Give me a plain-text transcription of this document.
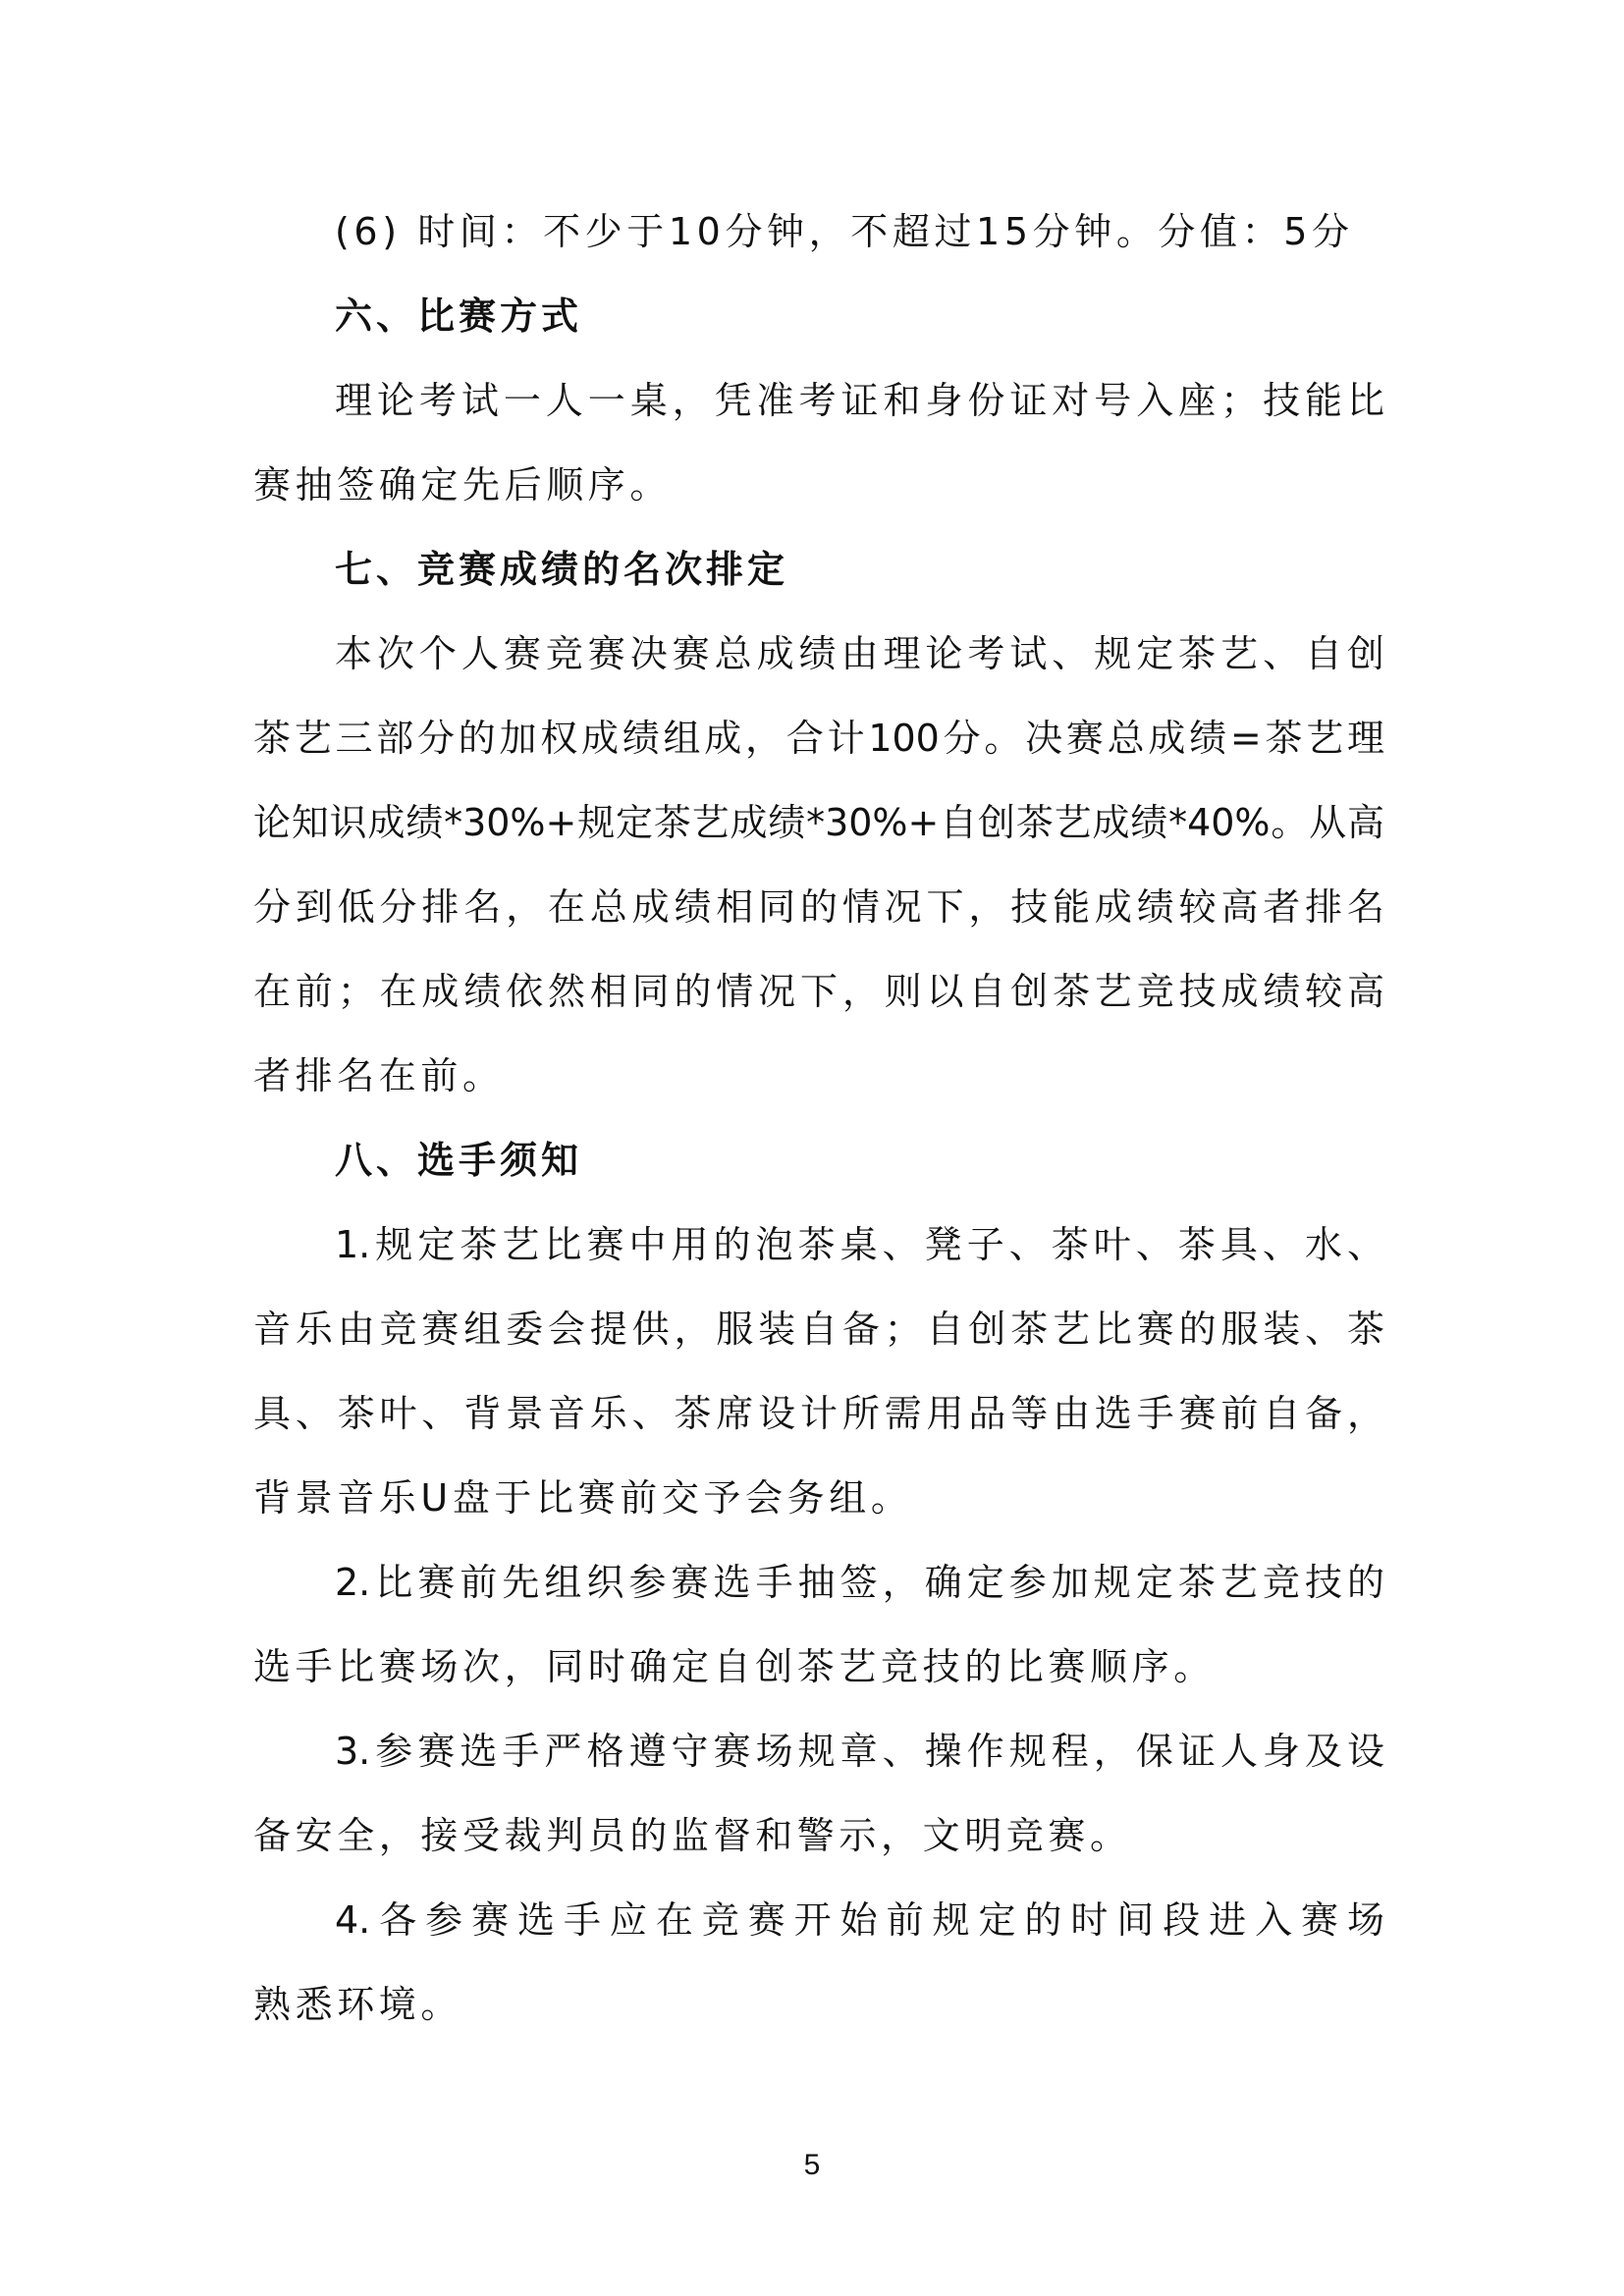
(6) 时间：不少于10分钟，不超过15分钟。分值：5分
六、比赛方式
理论考试一人一桌，凭准考证和身份证对号入座；技能比
赛抽签确定先后顺序。
七、竞赛成绩的名次排定
本次个人赛竞赛决赛总成绩由理论考试、规定茶艺、自创
茶艺三部分的加权成绩组成，合计100分。决赛总成绩=茶艺理
论知识成绩*30%+规定茶艺成绩*30%+自创茶艺成绩*40%。从高
分到低分排名，在总成绩相同的情况下，技能成绩较高者排名
在前；在成绩依然相同的情况下，则以自创茶艺竞技成绩较高
者排名在前。
八、选手须知
1.规定茶艺比赛中用的泡茶桌、凳子、茶叶、茶具、水、
音乐由竞赛组委会提供，服装自备；自创茶艺比赛的服装、茶
具、茶叶、背景音乐、茶席设计所需用品等由选手赛前自备，
背景音乐U盘于比赛前交予会务组。
2.比赛前先组织参赛选手抽签，确定参加规定茶艺竞技的
选手比赛场次，同时确定自创茶艺竞技的比赛顺序。
3.参赛选手严格遵守赛场规章、操作规程，保证人身及设
备安全，接受裁判员的监督和警示，文明竞赛。
4.各参赛选手应在竞赛开始前规定的时间段进入赛场
熟悉环境。
5
